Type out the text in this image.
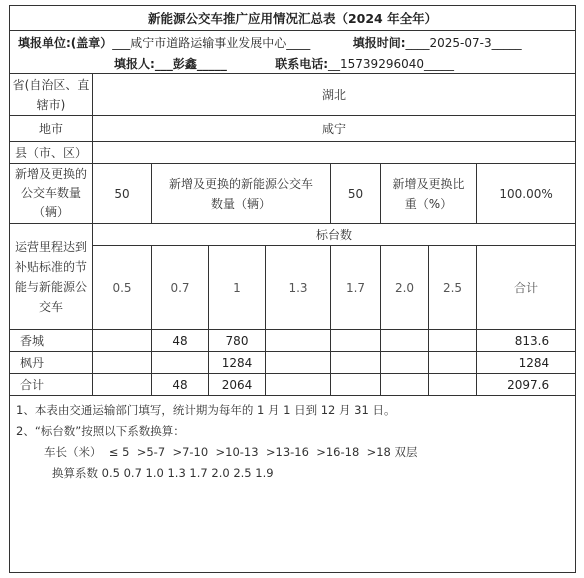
新能源公交车推广应用情况汇总表（2024 年全年）								
填报单位:(盖章）___咸宁市道路运输事业发展中心____ 填报时间:____2025-07-3_____								
填报人:___彭鑫_____ 联系电话:__15739296040_____								
省(自治区、直辖市)	湖北							
地市	咸宁							
县（市、区）								
新增及更换的公交车数量（辆）	50	新增及更换的新能源公交车数量（辆）			50	新增及更换比重（%）		100.00%
运营里程达到补贴标准的节能与新能源公交车	标台数							
	0.5	0.7	1	1.3	1.7	2.0	2.5	合计
香城		48	780					813.6
枫丹			1284					1284
合计		48	2064					2097.6

1、本表由交通运输部门填写，统计期为每年的 1 月 1 日到 12 月 31 日。
2、“标台数”按照以下系数换算：
车长（米）  ≤ 5  >5-7  >7-10  >10-13  >13-16  >16-18  >18 双层
换算系数 0.5 0.7 1.0 1.3 1.7 2.0 2.5 1.9								
